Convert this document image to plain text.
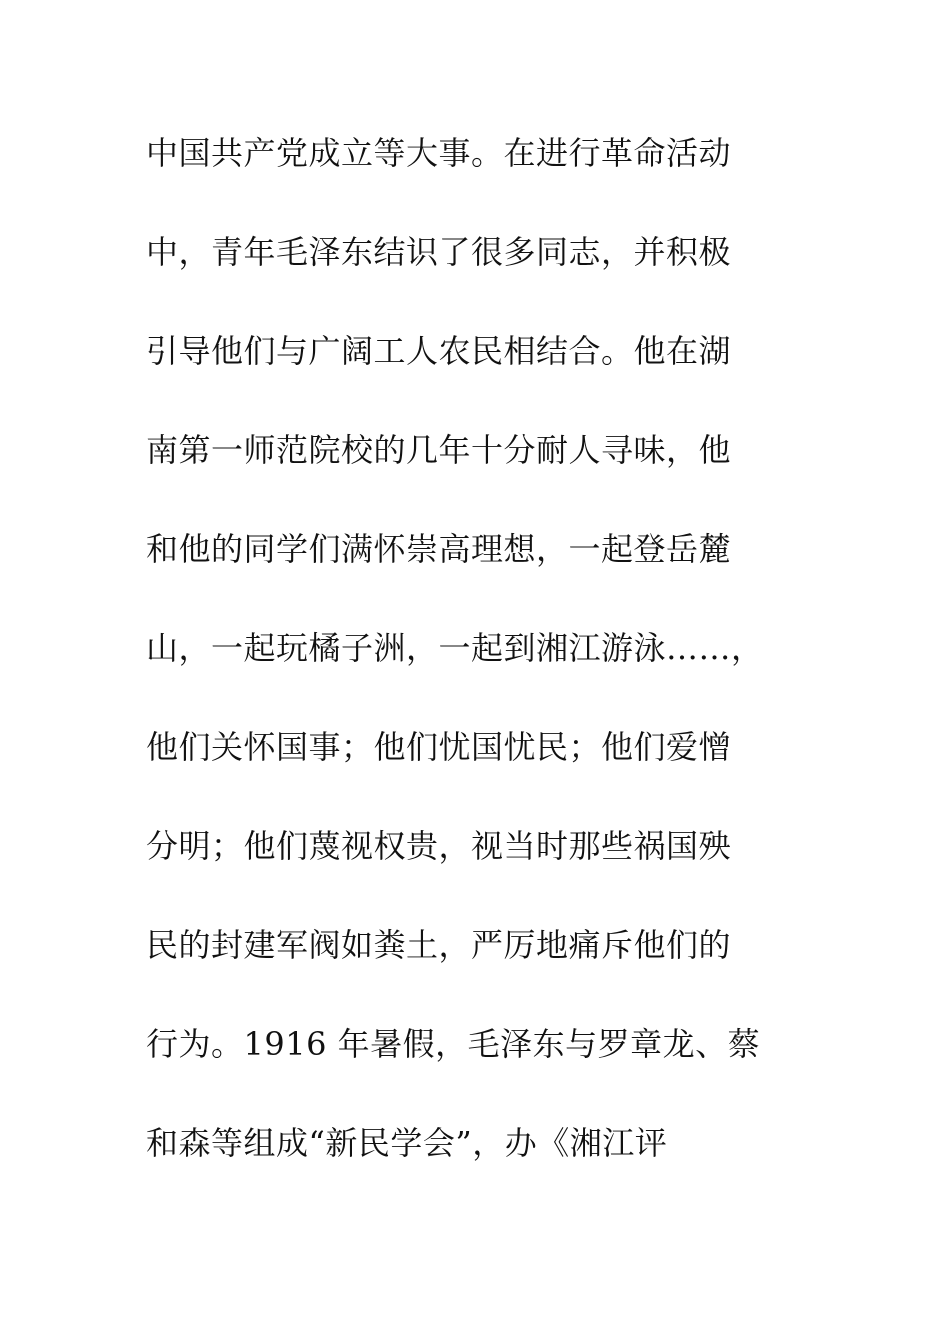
中国共产党成立等大事。在进行革命活动
中，青年毛泽东结识了很多同志，并积极
引导他们与广阔工人农民相结合。他在湖
南第一师范院校的几年十分耐人寻味，他
和他的同学们满怀崇高理想，一起登岳麓
山，一起玩橘子洲，一起到湘江游泳……，
他们关怀国事；他们忧国忧民；他们爱憎
分明；他们蔑视权贵，视当时那些祸国殃
民的封建军阀如粪土，严厉地痛斥他们的
行为。1916 年暑假，毛泽东与罗章龙、蔡
和森等组成“新民学会”，办《湘江评
